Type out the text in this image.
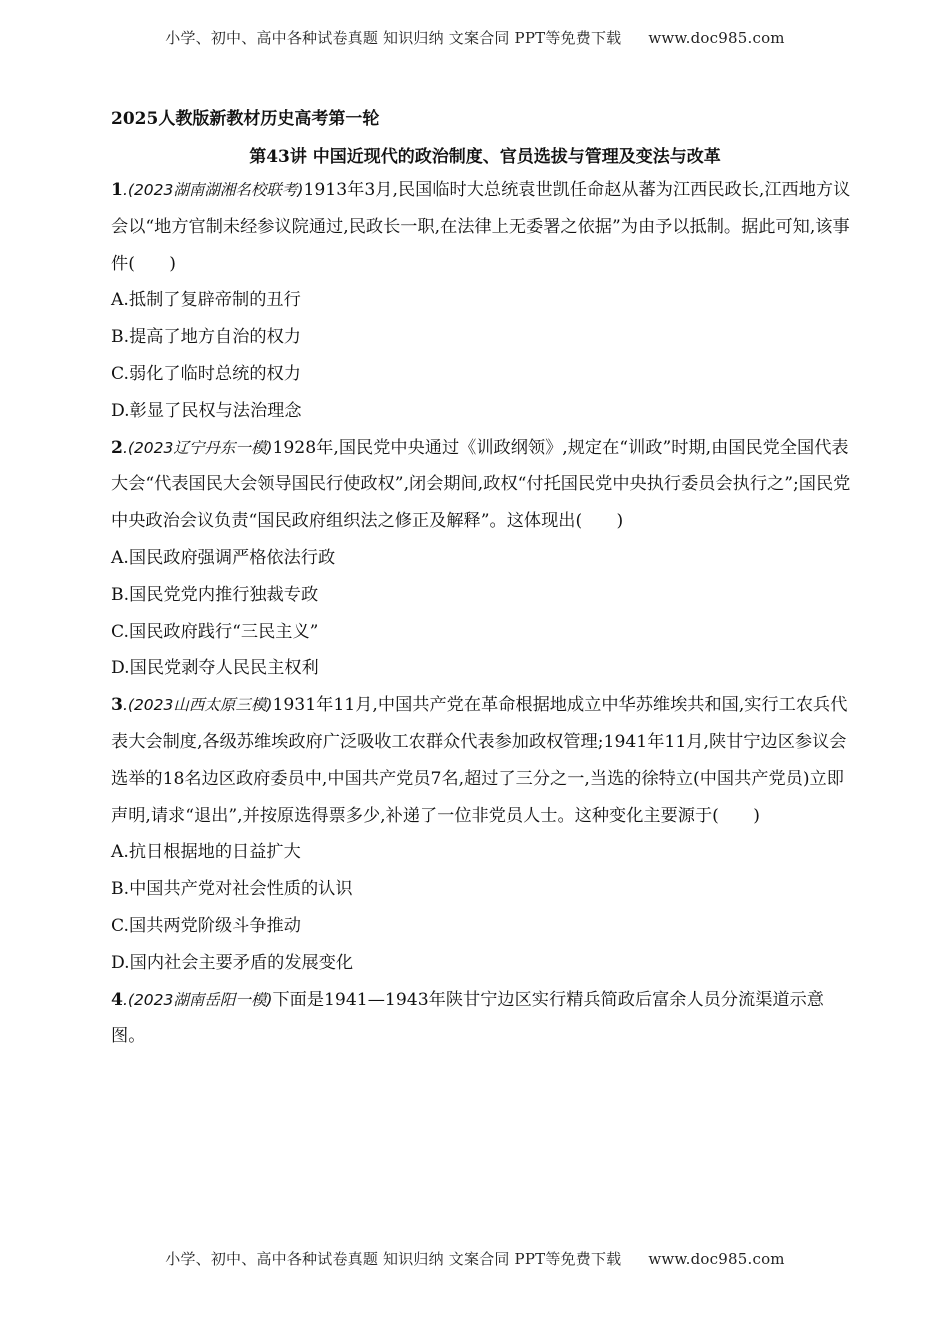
小学、初中、高中各种试卷真题 知识归纳 文案合同 PPT等免费下载 www.doc985.com
2025人教版新教材历史高考第一轮
第43讲 中国近现代的政治制度、官员选拔与管理及变法与改革

1.(2023湖南湖湘名校联考)1913年3月,民国临时大总统袁世凯任命赵从蕃为江西民政长,江西地方议会以“地方官制未经参议院通过,民政长一职,在法律上无委署之依据”为由予以抵制。据此可知,该事件(　　)

A.抵制了复辟帝制的丑行
B.提高了地方自治的权力
C.弱化了临时总统的权力
D.彰显了民权与法治理念

2.(2023辽宁丹东一模)1928年,国民党中央通过《训政纲领》,规定在“训政”时期,由国民党全国代表大会“代表国民大会领导国民行使政权”,闭会期间,政权“付托国民党中央执行委员会执行之”;国民党中央政治会议负责“国民政府组织法之修正及解释”。这体现出(　　)

A.国民政府强调严格依法行政
B.国民党党内推行独裁专政
C.国民政府践行“三民主义”
D.国民党剥夺人民民主权利

3.(2023山西太原三模)1931年11月,中国共产党在革命根据地成立中华苏维埃共和国,实行工农兵代表大会制度,各级苏维埃政府广泛吸收工农群众代表参加政权管理;1941年11月,陕甘宁边区参议会选举的18名边区政府委员中,中国共产党员7名,超过了三分之一,当选的徐特立(中国共产党员)立即声明,请求“退出”,并按原选得票多少,补递了一位非党员人士。这种变化主要源于(　　)

A.抗日根据地的日益扩大
B.中国共产党对社会性质的认识
C.国共两党阶级斗争推动
D.国内社会主要矛盾的发展变化

4.(2023湖南岳阳一模)下面是1941—1943年陕甘宁边区实行精兵简政后富余人员分流渠道示意图。

小学、初中、高中各种试卷真题 知识归纳 文案合同 PPT等免费下载 www.doc985.com
